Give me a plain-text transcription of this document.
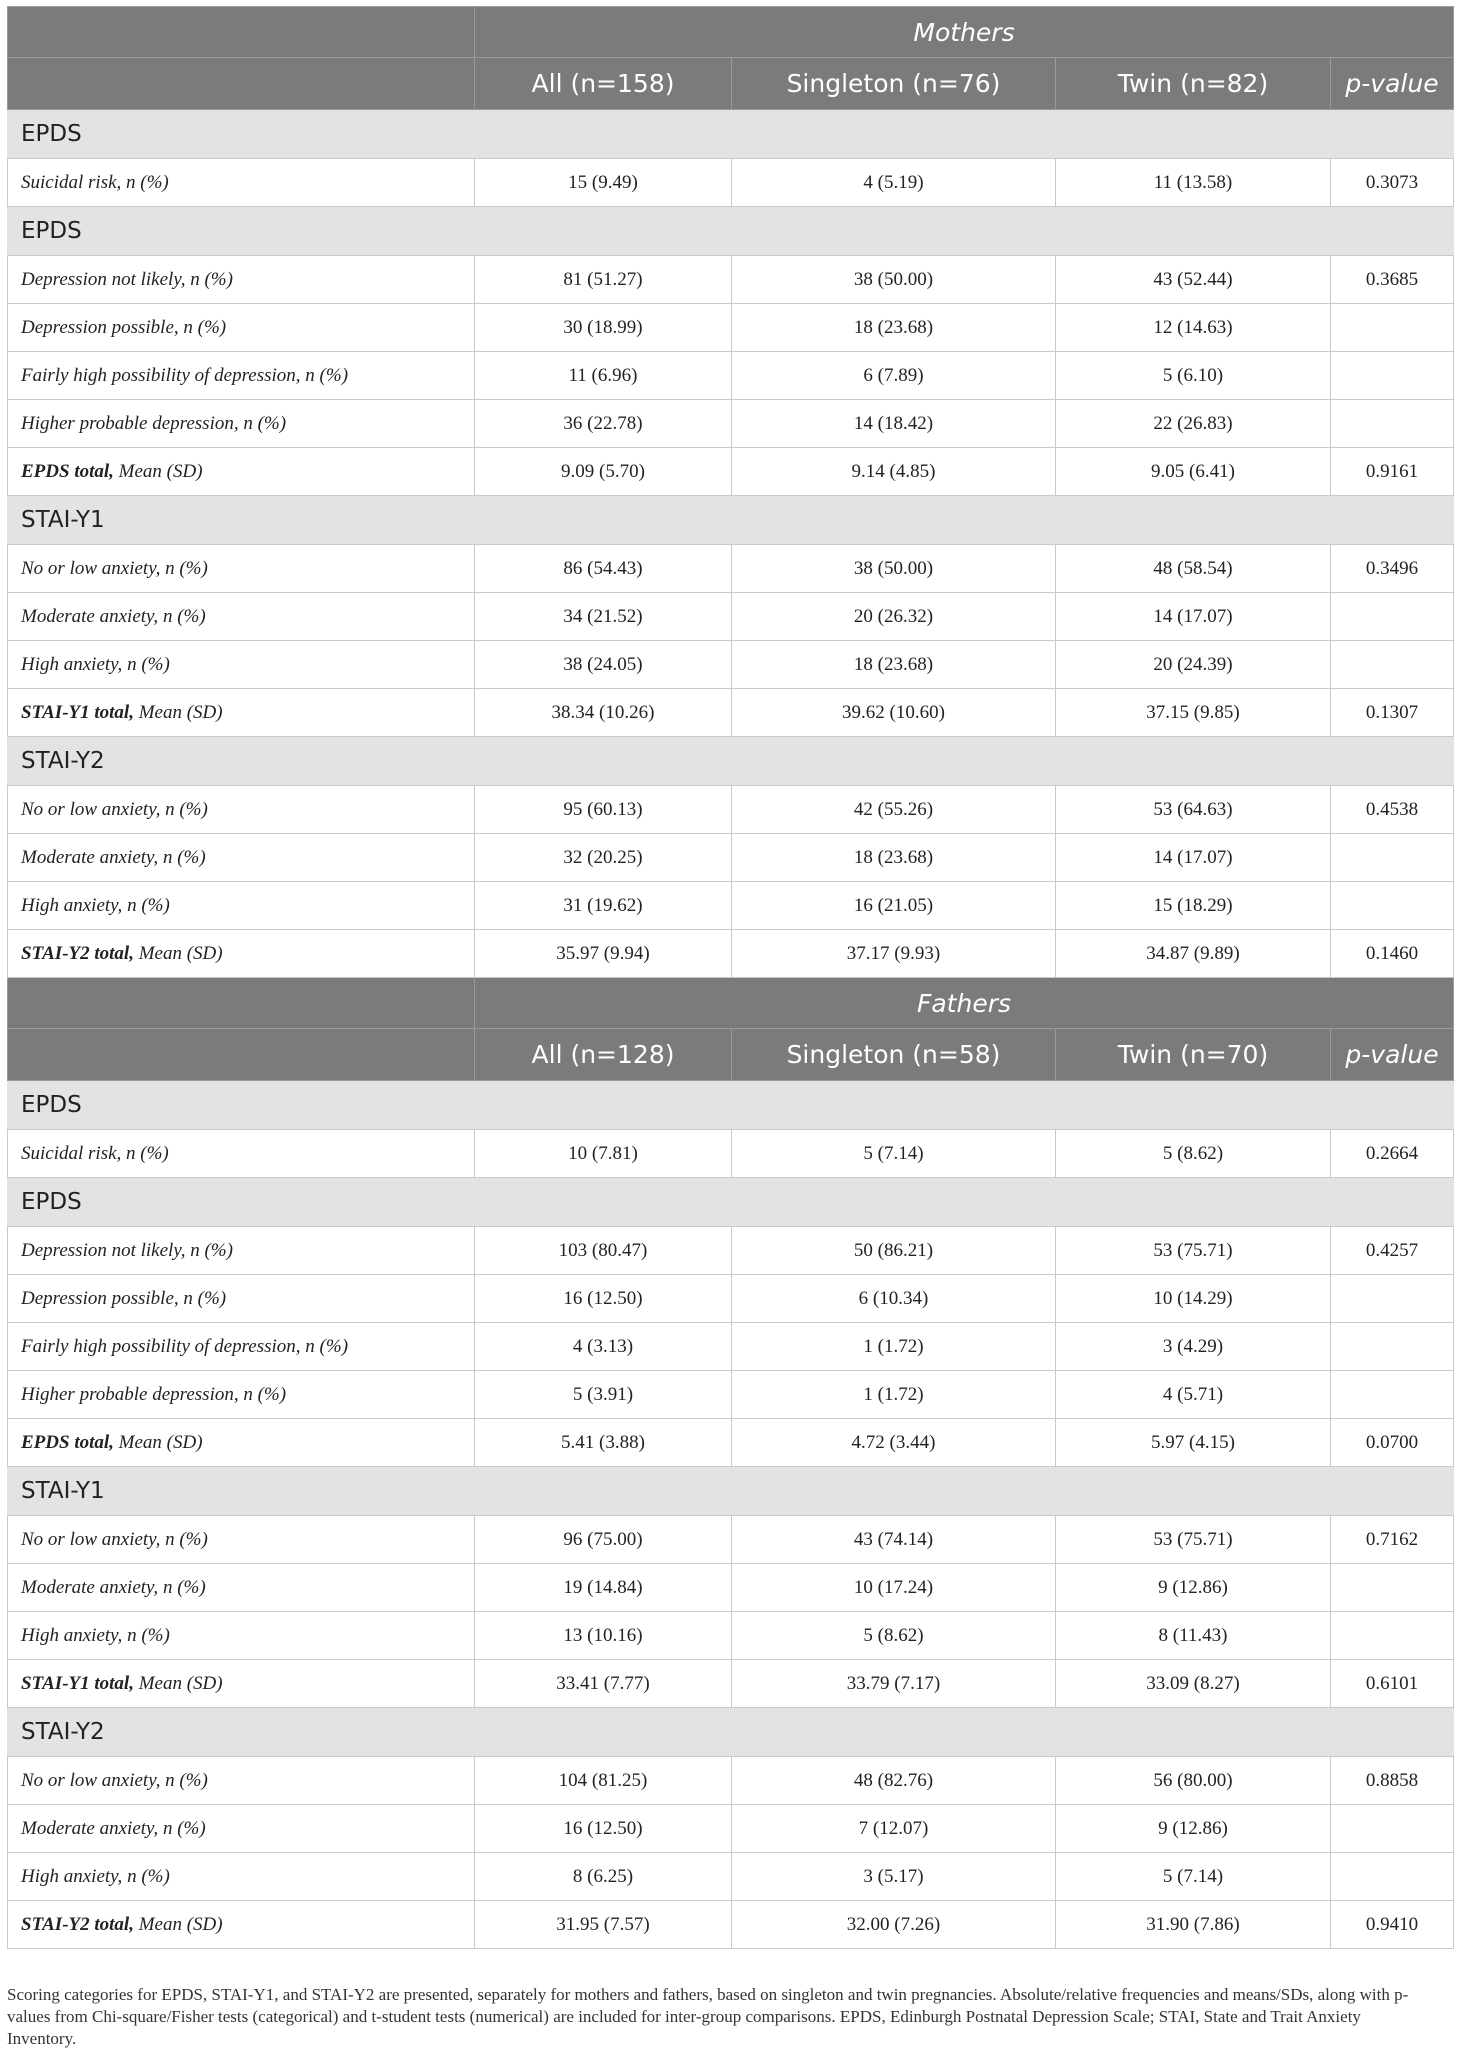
	Mothers			
	All (n=158)	Singleton (n=76)	Twin (n=82)	p-value
EPDS				
Suicidal risk, n (%)	15 (9.49)	4 (5.19)	11 (13.58)	0.3073
EPDS				
Depression not likely, n (%)	81 (51.27)	38 (50.00)	43 (52.44)	0.3685
Depression possible, n (%)	30 (18.99)	18 (23.68)	12 (14.63)	
Fairly high possibility of depression, n (%)	11 (6.96)	6 (7.89)	5 (6.10)	
Higher probable depression, n (%)	36 (22.78)	14 (18.42)	22 (26.83)	
EPDS total, Mean (SD)	9.09 (5.70)	9.14 (4.85)	9.05 (6.41)	0.9161
STAI-Y1				
No or low anxiety, n (%)	86 (54.43)	38 (50.00)	48 (58.54)	0.3496
Moderate anxiety, n (%)	34 (21.52)	20 (26.32)	14 (17.07)	
High anxiety, n (%)	38 (24.05)	18 (23.68)	20 (24.39)	
STAI-Y1 total, Mean (SD)	38.34 (10.26)	39.62 (10.60)	37.15 (9.85)	0.1307
STAI-Y2				
No or low anxiety, n (%)	95 (60.13)	42 (55.26)	53 (64.63)	0.4538
Moderate anxiety, n (%)	32 (20.25)	18 (23.68)	14 (17.07)	
High anxiety, n (%)	31 (19.62)	16 (21.05)	15 (18.29)	
STAI-Y2 total, Mean (SD)	35.97 (9.94)	37.17 (9.93)	34.87 (9.89)	0.1460
	Fathers			
	All (n=128)	Singleton (n=58)	Twin (n=70)	p-value
EPDS				
Suicidal risk, n (%)	10 (7.81)	5 (7.14)	5 (8.62)	0.2664
EPDS				
Depression not likely, n (%)	103 (80.47)	50 (86.21)	53 (75.71)	0.4257
Depression possible, n (%)	16 (12.50)	6 (10.34)	10 (14.29)	
Fairly high possibility of depression, n (%)	4 (3.13)	1 (1.72)	3 (4.29)	
Higher probable depression, n (%)	5 (3.91)	1 (1.72)	4 (5.71)	
EPDS total, Mean (SD)	5.41 (3.88)	4.72 (3.44)	5.97 (4.15)	0.0700
STAI-Y1				
No or low anxiety, n (%)	96 (75.00)	43 (74.14)	53 (75.71)	0.7162
Moderate anxiety, n (%)	19 (14.84)	10 (17.24)	9 (12.86)	
High anxiety, n (%)	13 (10.16)	5 (8.62)	8 (11.43)	
STAI-Y1 total, Mean (SD)	33.41 (7.77)	33.79 (7.17)	33.09 (8.27)	0.6101
STAI-Y2				
No or low anxiety, n (%)	104 (81.25)	48 (82.76)	56 (80.00)	0.8858
Moderate anxiety, n (%)	16 (12.50)	7 (12.07)	9 (12.86)	
High anxiety, n (%)	8 (6.25)	3 (5.17)	5 (7.14)	
STAI-Y2 total, Mean (SD)	31.95 (7.57)	32.00 (7.26)	31.90 (7.86)	0.9410
Scoring categories for EPDS, STAI-Y1, and STAI-Y2 are presented, separately for mothers and fathers, based on singleton and twin pregnancies. Absolute/relative frequencies and means/SDs, along with p-values from Chi-square/Fisher tests (categorical) and t-student tests (numerical) are included for inter-group comparisons. EPDS, Edinburgh Postnatal Depression Scale; STAI, State and Trait Anxiety Inventory.
